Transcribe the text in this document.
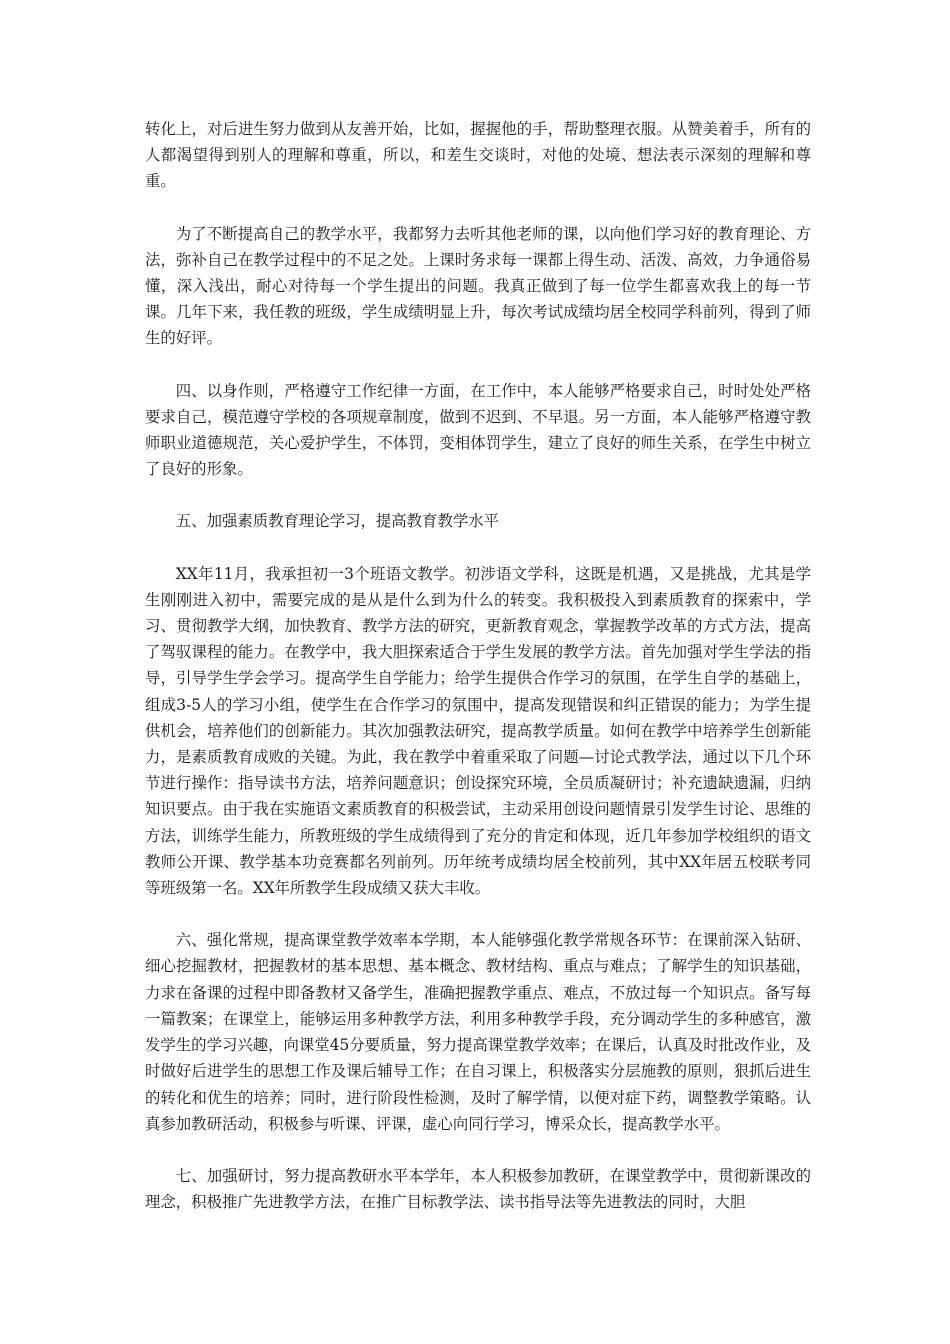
转化上，对后进生努力做到从友善开始，比如，握握他的手，帮助整理衣服。从赞美着手，所有的人都渴望得到别人的理解和尊重，所以，和差生交谈时，对他的处境、想法表示深刻的理解和尊重。

为了不断提高自己的教学水平，我都努力去听其他老师的课，以向他们学习好的教育理论、方法，弥补自己在教学过程中的不足之处。上课时务求每一课都上得生动、活泼、高效，力争通俗易懂，深入浅出，耐心对待每一个学生提出的问题。我真正做到了每一位学生都喜欢我上的每一节课。几年下来，我任教的班级，学生成绩明显上升，每次考试成绩均居全校同学科前列，得到了师生的好评。

四、以身作则，严格遵守工作纪律一方面，在工作中，本人能够严格要求自己，时时处处严格要求自己，模范遵守学校的各项规章制度，做到不迟到、不早退。另一方面，本人能够严格遵守教师职业道德规范，关心爱护学生，不体罚，变相体罚学生，建立了良好的师生关系，在学生中树立了良好的形象。

五、加强素质教育理论学习，提高教育教学水平

XX年11月，我承担初一3个班语文教学。初涉语文学科，这既是机遇，又是挑战，尤其是学生刚刚进入初中，需要完成的是从是什么到为什么的转变。我积极投入到素质教育的探索中，学习、贯彻教学大纲，加快教育、教学方法的研究，更新教育观念，掌握教学改革的方式方法，提高了驾驭课程的能力。在教学中，我大胆探索适合于学生发展的教学方法。首先加强对学生学法的指导，引导学生学会学习。提高学生自学能力；给学生提供合作学习的氛围，在学生自学的基础上，组成3-5人的学习小组，使学生在合作学习的氛围中，提高发现错误和纠正错误的能力；为学生提供机会，培养他们的创新能力。其次加强教法研究，提高教学质量。如何在教学中培养学生创新能力，是素质教育成败的关键。为此，我在教学中着重采取了问题—讨论式教学法，通过以下几个环节进行操作：指导读书方法，培养问题意识；创设探究环境，全员质凝研讨；补充遗缺遗漏，归纳知识要点。由于我在实施语文素质教育的积极尝试，主动采用创设问题情景引发学生讨论、思维的方法，训练学生能力，所教班级的学生成绩得到了充分的肯定和体现，近几年参加学校组织的语文教师公开课、教学基本功竞赛都名列前列。历年统考成绩均居全校前列，其中XX年居五校联考同等班级第一名。XX年所教学生段成绩又获大丰收。

六、强化常规，提高课堂教学效率本学期，本人能够强化教学常规各环节：在课前深入钻研、细心挖掘教材，把握教材的基本思想、基本概念、教材结构、重点与难点；了解学生的知识基础，力求在备课的过程中即备教材又备学生，准确把握教学重点、难点，不放过每一个知识点。备写每一篇教案；在课堂上，能够运用多种教学方法，利用多种教学手段，充分调动学生的多种感官，激发学生的学习兴趣，向课堂45分要质量，努力提高课堂教学效率；在课后，认真及时批改作业，及时做好后进学生的思想工作及课后辅导工作；在自习课上，积极落实分层施教的原则，狠抓后进生的转化和优生的培养；同时，进行阶段性检测，及时了解学情，以便对症下药，调整教学策略。认真参加教研活动，积极参与听课、评课，虚心向同行学习，博采众长，提高教学水平。

七、加强研讨，努力提高教研水平本学年，本人积极参加教研，在课堂教学中，贯彻新课改的理念，积极推广先进教学方法，在推广目标教学法、读书指导法等先进教法的同时，大胆
